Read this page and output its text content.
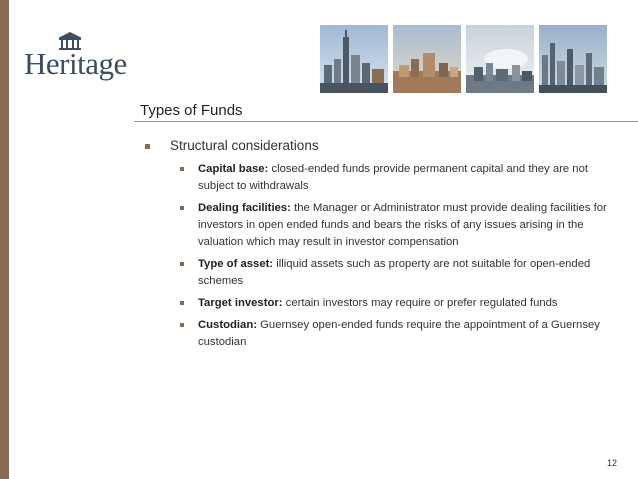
Heritage
Types of Funds
Structural considerations
Capital base: closed-ended funds provide permanent capital and they are not subject to withdrawals
Dealing facilities: the Manager or Administrator must provide dealing facilities for investors in open ended funds and bears the risks of any issues arising in the valuation which may result in investor compensation
Type of asset: illiquid assets such as property are not suitable for open-ended schemes
Target investor: certain investors may require or prefer regulated funds
Custodian: Guernsey open-ended funds require the appointment of a Guernsey custodian
12
